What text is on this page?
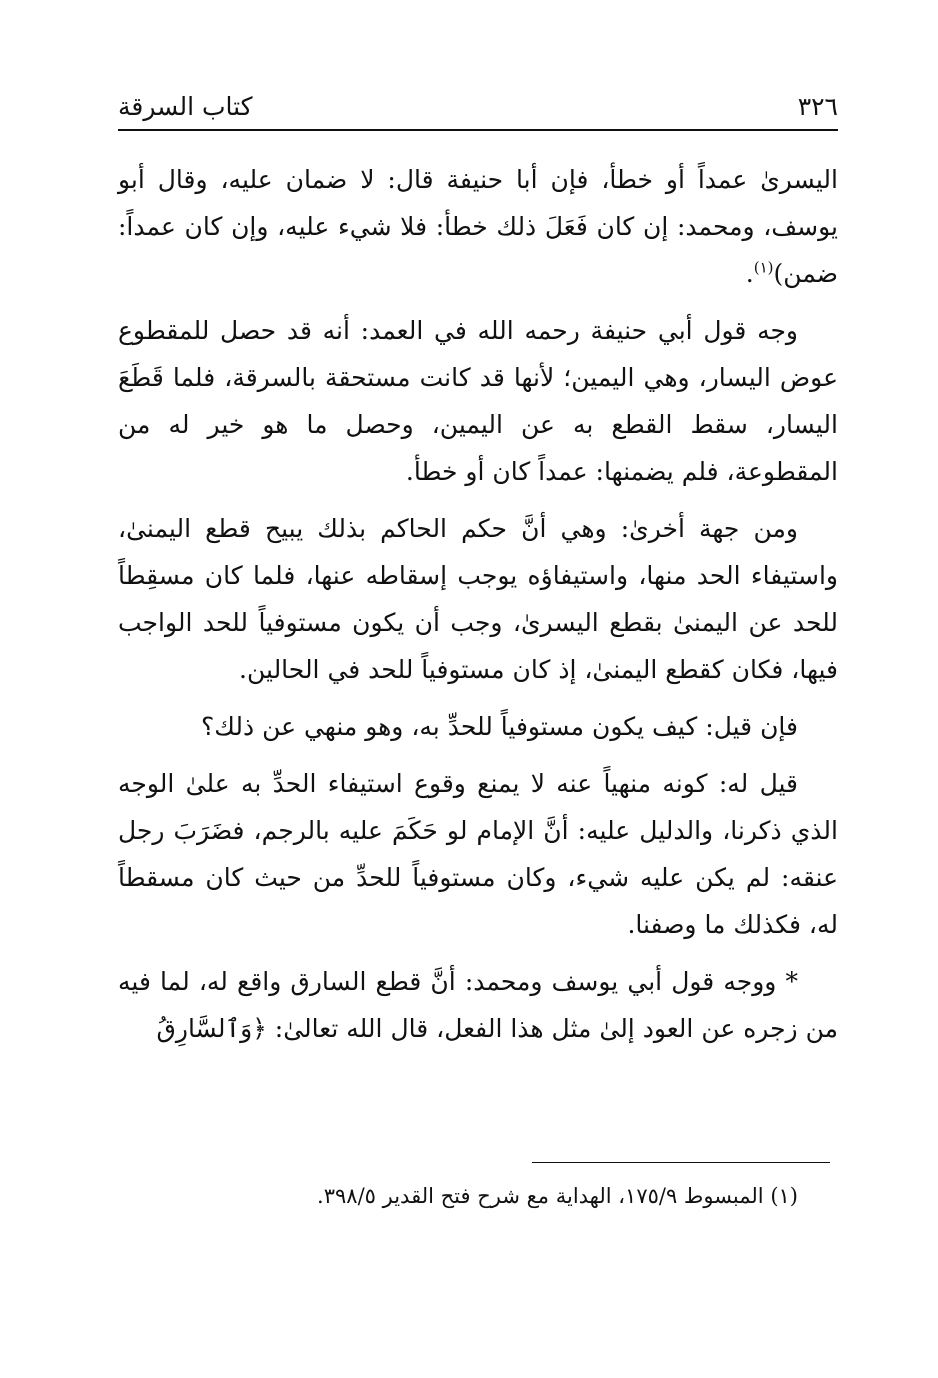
٣٢٦
كتاب السرقة

اليسرىٰ عمداً أو خطأ، فإن أبا حنيفة قال: لا ضمان عليه، وقال أبو يوسف، ومحمد: إن كان فَعَلَ ذلك خطأ: فلا شيء عليه، وإن كان عمداً: ضمن)$^{(١)}$.

وجه قول أبي حنيفة رحمه الله في العمد: أنه قد حصل للمقطوع عوض اليسار، وهي اليمين؛ لأنها قد كانت مستحقة بالسرقة، فلما قَطَعَ اليسار، سقط القطع به عن اليمين، وحصل ما هو خير له من المقطوعة، فلم يضمنها: عمداً كان أو خطأ.

ومن جهة أخرىٰ: وهي أنَّ حكم الحاكم بذلك يبيح قطع اليمنىٰ، واستيفاء الحد منها، واستيفاؤه يوجب إسقاطه عنها، فلما كان مسقِطاً للحد عن اليمنىٰ بقطع اليسرىٰ، وجب أن يكون مستوفياً للحد الواجب فيها، فكان كقطع اليمنىٰ، إذ كان مستوفياً للحد في الحالين.

فإن قيل: كيف يكون مستوفياً للحدِّ به، وهو منهي عن ذلك؟

قيل له: كونه منهياً عنه لا يمنع وقوع استيفاء الحدِّ به علىٰ الوجه الذي ذكرنا، والدليل عليه: أنَّ الإمام لو حَكَمَ عليه بالرجم، فضَرَبَ رجل عنقه: لم يكن عليه شيء، وكان مستوفياً للحدِّ من حيث كان مسقطاً له، فكذلك ما وصفنا.

* ووجه قول أبي يوسف ومحمد: أنَّ قطع السارق واقع له، لما فيه من زجره عن العود إلىٰ مثل هذا الفعل، قال الله تعالىٰ: ﴿وَٱلسَّارِقُ

(١) المبسوط ١٧٥/٩، الهداية مع شرح فتح القدير ٣٩٨/٥.
